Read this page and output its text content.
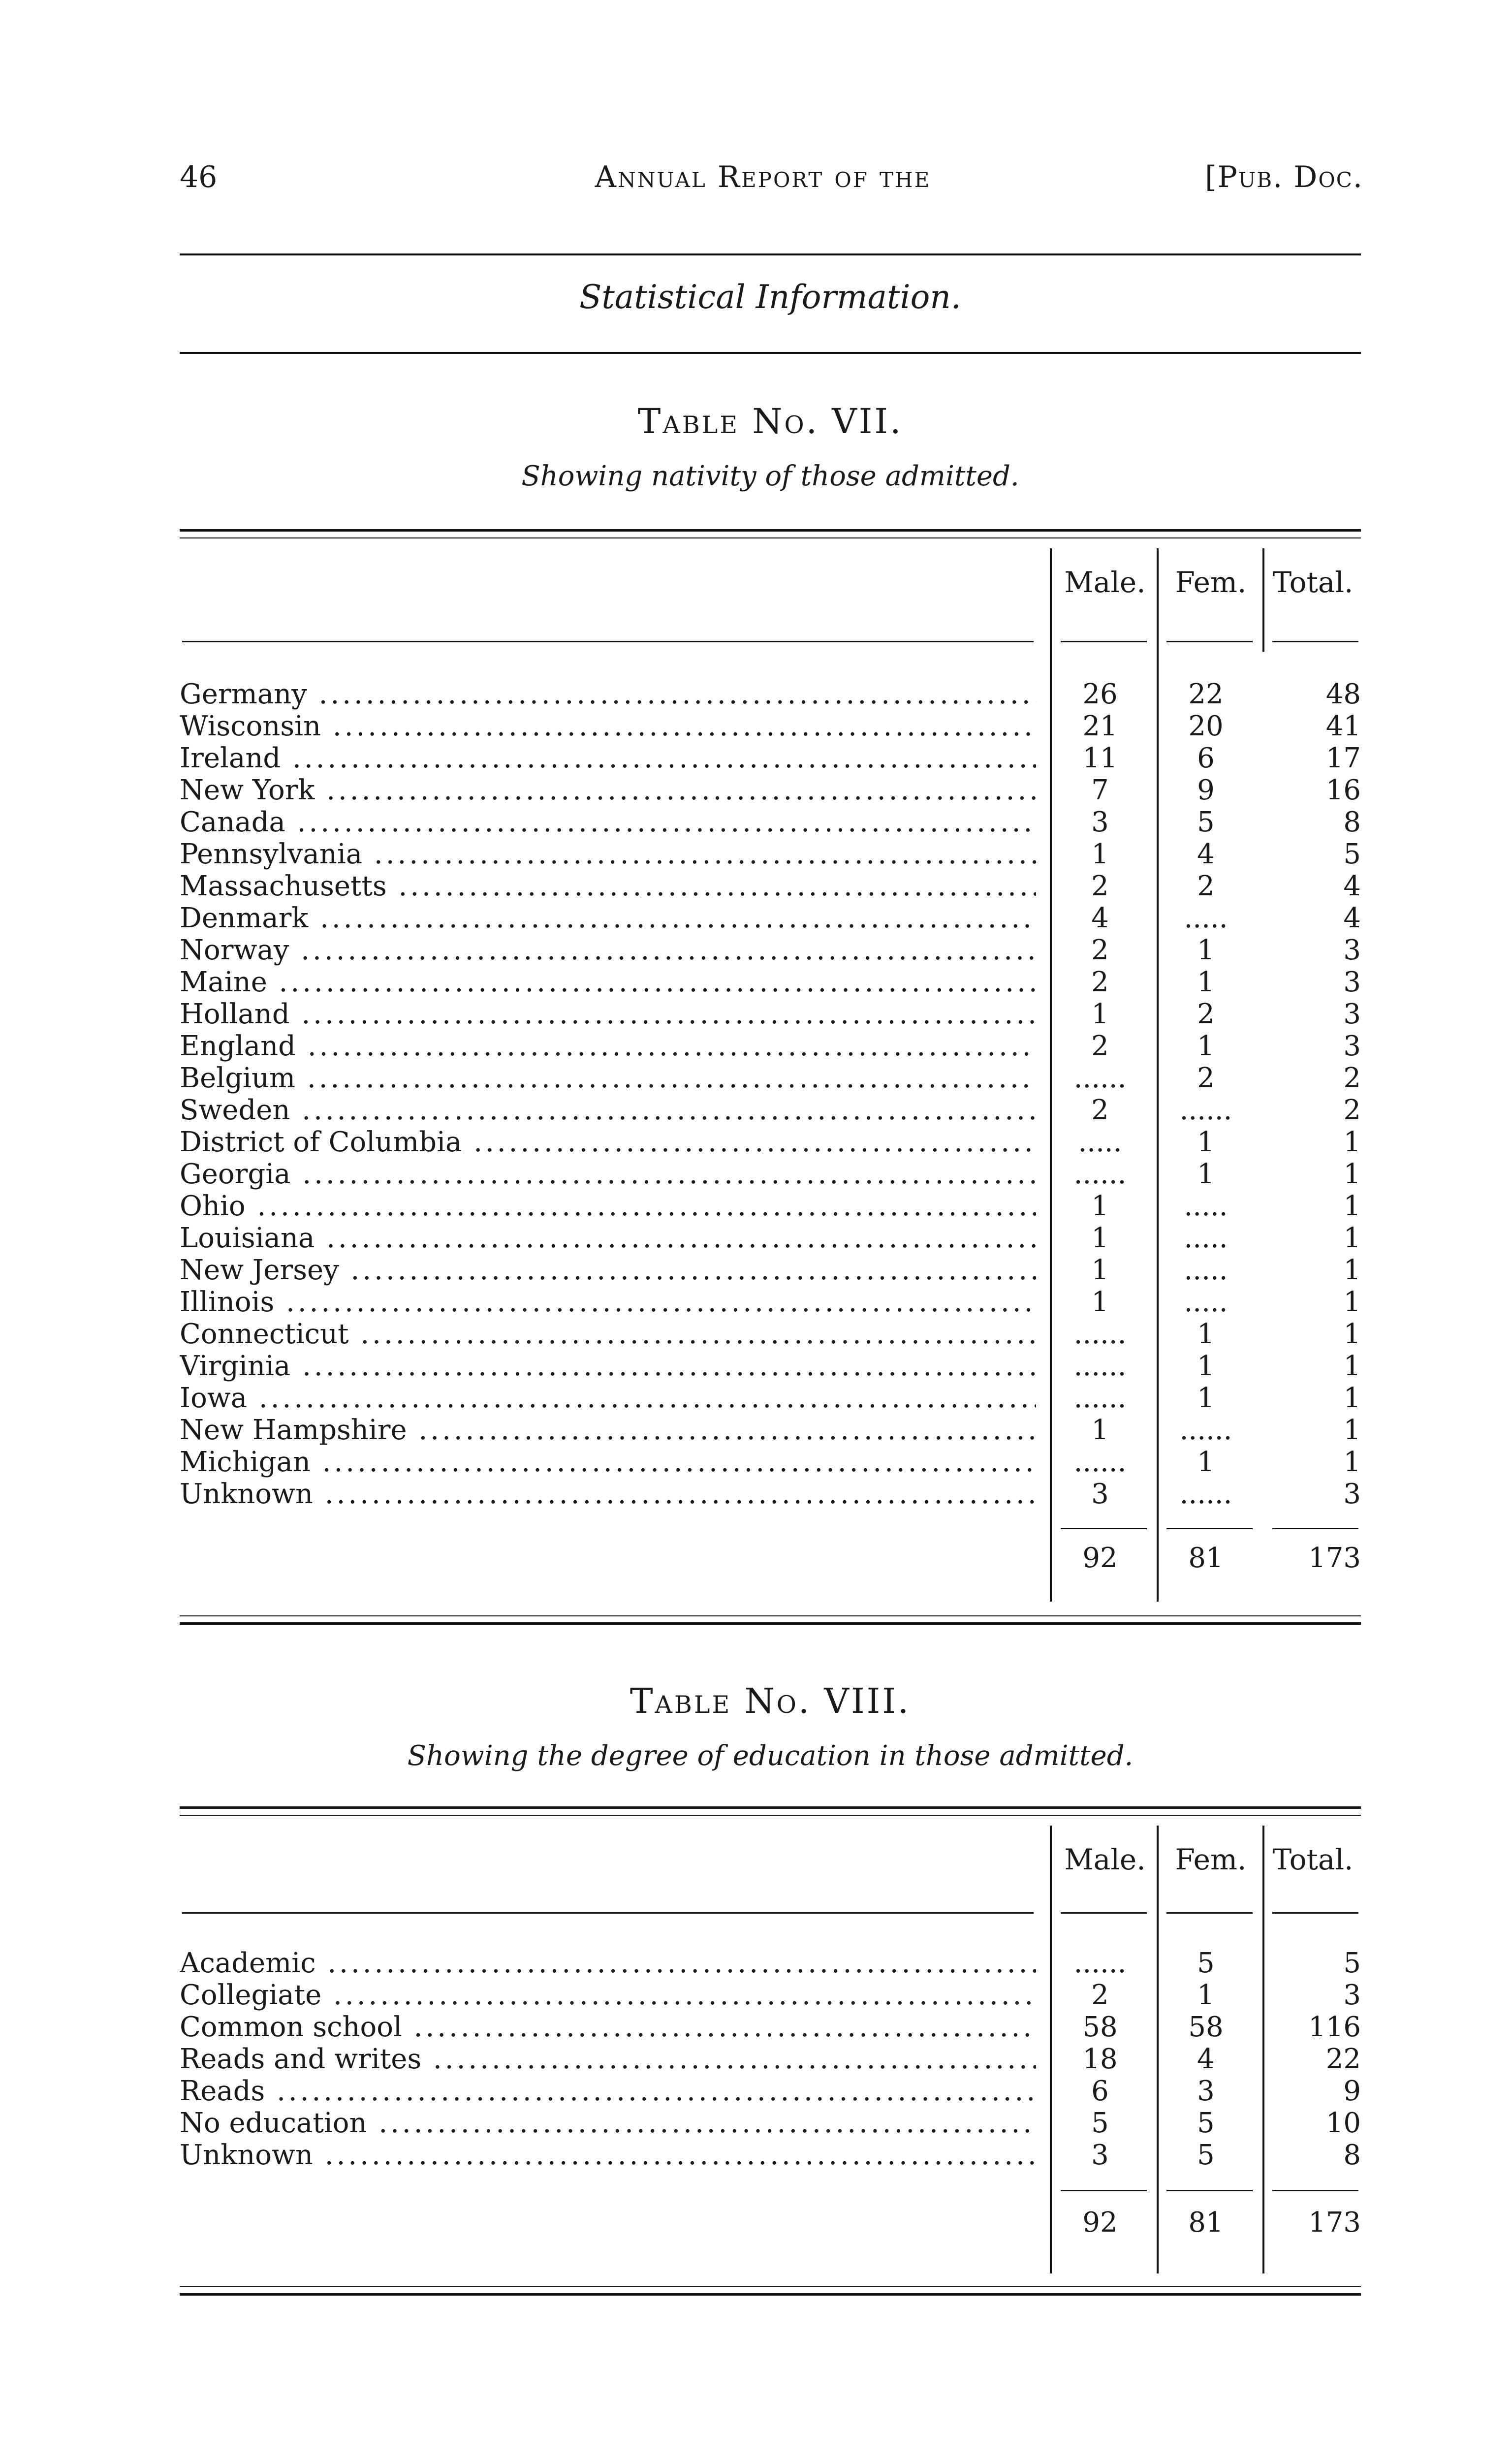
46	Annual Report of the	[Pub. Doc.
Statistical Information.
Table No. VII.
Showing nativity of those admitted.
Male.	Fem. Total.
Germany .....	26	22	48
Wisconsin .....	21	20	41
Ireland .....	11	6	17
New York .....	7	9	16
Canada .....	3	5	8
Pennsylvania .....	1	4	5
Massachusetts .....	2	2	4
Denmark .....	4	.....	4
Norway .....	2	1	3
Maine .....	2	1	3
Holland .....	1	2	3
England .....	2	1	3
Belgium .....	......	2	2
Sweden .....	2	......	2
District of Columbia .....	.....	1	1
Georgia .....	......	1	1
Ohio .....	1	.....	1
Louisiana .....	1	.....	1
New Jersey .....	1	.....	1
Illinois .....	1	.....	1
Connecticut .....	......	1	1
Virginia .....	......	1	1
Iowa .....	......	1	1
New Hampshire .....	1	......	1
Michigan .....	......	1	1
Unknown .....	3	......	3
92	81	173
Table No. VIII.
Showing the degree of education in those admitted.
Male.	Fem. Total.
Academic .....	......	5	5
Collegiate .....	2	1	3
Common school .....	58	58	116
Reads and writes .....	18	4	22
Reads .....	6	3	9
No education .....	5	5	10
Unknown .....	3	5	8
92	81	173
